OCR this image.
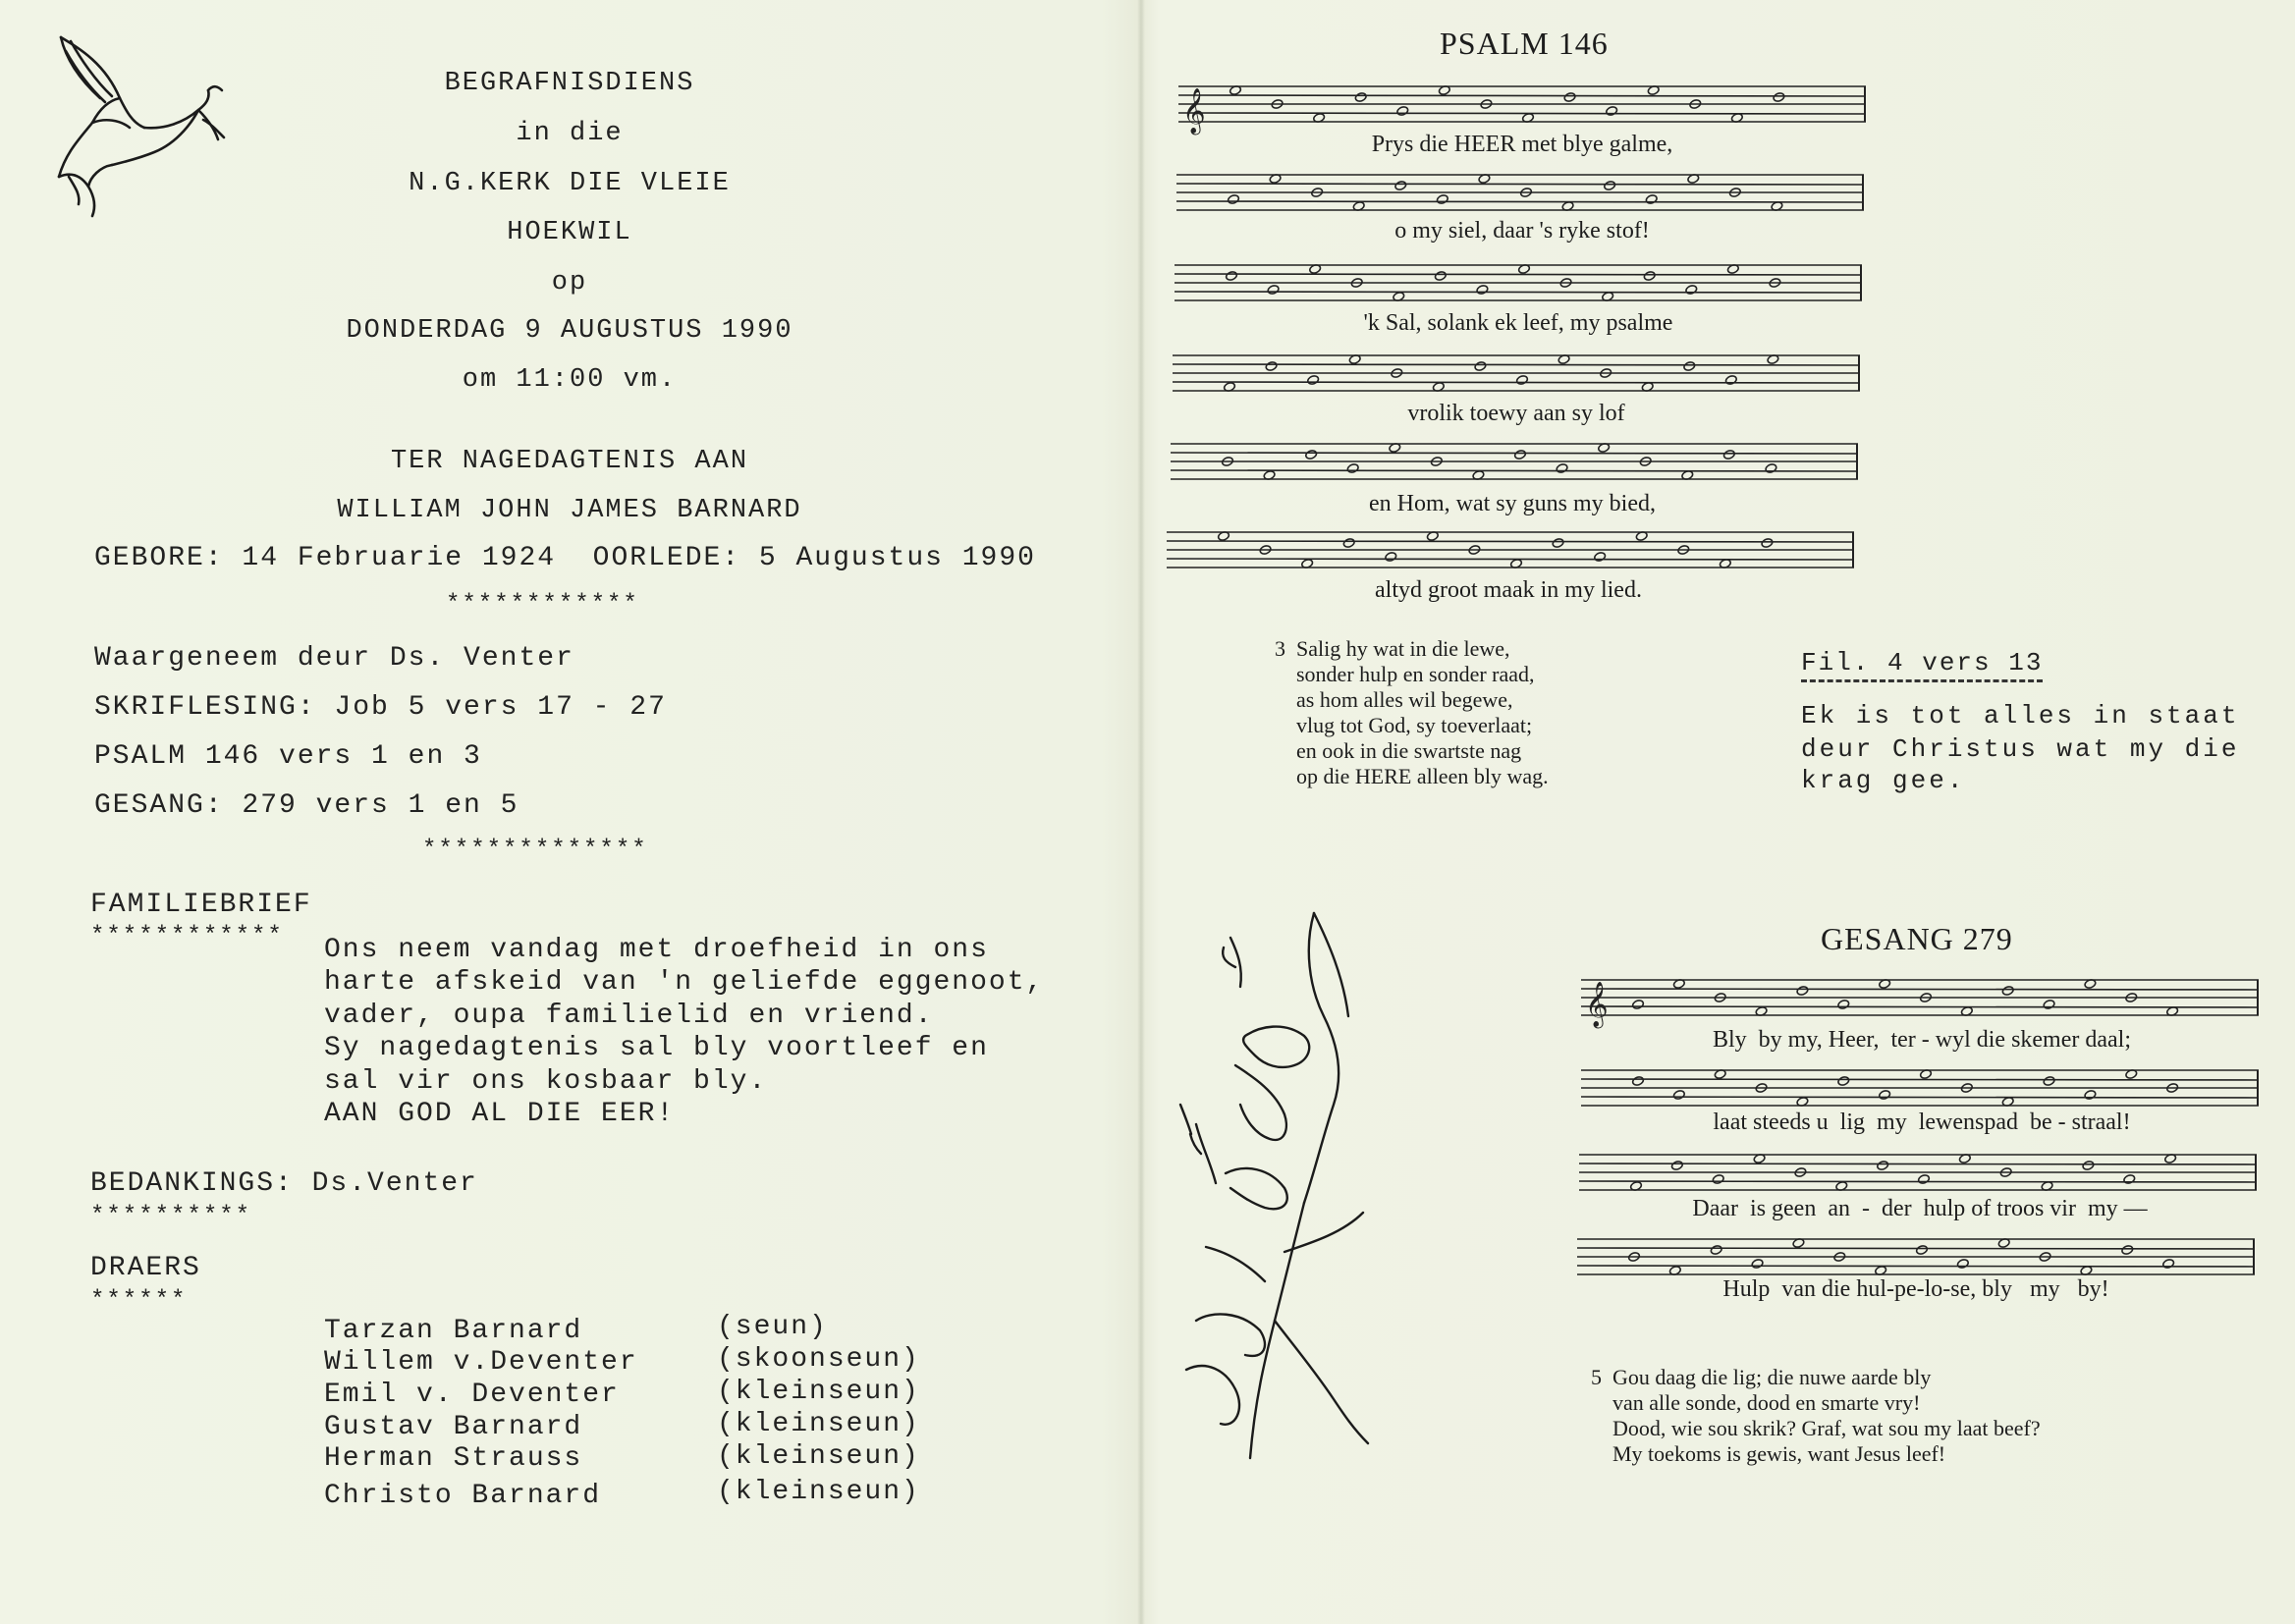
BEGRAFNISDIENS
in die
N.G.KERK DIE VLEIE
HOEKWIL
op
DONDERDAG 9 AUGUSTUS 1990
om 11:00 vm.
TER NAGEDAGTENIS AAN
WILLIAM JOHN JAMES BARNARD
GEBORE: 14 Februarie 1924  OORLEDE: 5 Augustus 1990
************
Waargeneem deur Ds. Venter
SKRIFLESING: Job 5 vers 17 - 27
PSALM 146 vers 1 en 3
GESANG: 279 vers 1 en 5
**************
FAMILIEBRIEF
************ Ons neem vandag met droefheid in ons
harte afskeid van 'n geliefde eggenoot,
vader, oupa familielid en vriend.
Sy nagedagtenis sal bly voortleef en
sal vir ons kosbaar bly.
AAN GOD AL DIE EER!
BEDANKINGS: Ds.Venter
**********
DRAERS
******
Tarzan Barnard	(seun)
Willem v.Deventer	(skoonseun)
Emil v. Deventer	(kleinseun)
Gustav Barnard	(kleinseun)
Herman Strauss	(kleinseun)
Christo Barnard	(kleinseun)
PSALM 146
𝄞
Prys die HEER met blye galme,
o my siel, daar 's ryke stof!
'k Sal, solank ek leef, my psalme
vrolik toewy aan sy lof
en Hom, wat sy guns my bied,
altyd groot maak in my lied.
3  Salig hy wat in die lewe,
sonder hulp en sonder raad,
as hom alles wil begewe,
vlug tot God, sy toeverlaat;
en ook in die swartste nag
op die HERE alleen bly wag.
Fil. 4 vers 13
Ek is tot alles in staat
deur Christus wat my die
krag gee.
GESANG 279
𝄞
Bly  by my, Heer,  ter - wyl die skemer daal;
laat steeds u  lig  my  lewenspad  be - straal!
Daar  is geen  an  -  der  hulp of troos vir  my —
Hulp  van die hul-pe-lo-se, bly   my   by!
5  Gou daag die lig; die nuwe aarde bly
van alle sonde, dood en smarte vry!
Dood, wie sou skrik? Graf, wat sou my laat beef?
My toekoms is gewis, want Jesus leef!
